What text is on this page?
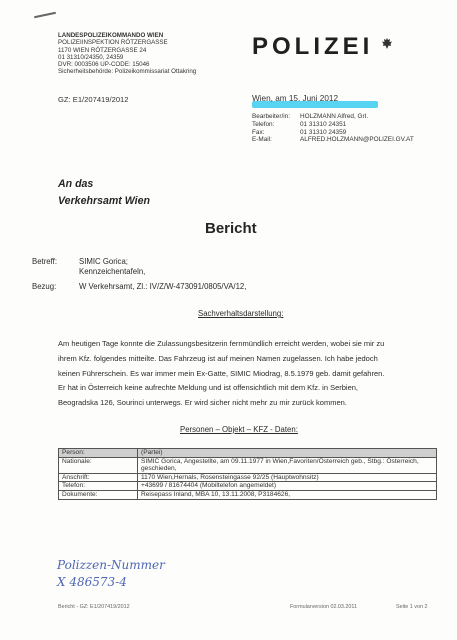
LANDESPOLIZEIKOMMANDO WIEN
POLIZEIINSPEKTION RÖTZERGASSE
1170 WIEN RÖTZERGASSE 24
01 31310/24350, 24359
DVR: 0003506 UP-CODE: 15046
Sicherheitsbehörde: Polizeikommissariat Ottakring
POLIZEI
GZ: E1/207419/2012	Wien, am 15. Juni 2012
Bearbeiter/in: HOLZMANN Alfred, GrI.
Telefon:	01 31310 24351
Fax:	01 31310 24359
E-Mail:	ALFRED.HOLZMANN@POLIZEI.GV.AT
An das
Verkehrsamt Wien
Bericht
Betreff:	SIMIC Gorica;
Kennzeichentafeln,
Bezug:	W Verkehrsamt, Zl.: IV/Z/W-473091/0805/VA/12,
Sachverhaltsdarstellung:

Am heutigen Tage konnte die Zulassungsbesitzerin fernmündlich erreicht werden, wobei sie mir zu

ihrem Kfz. folgendes mitteilte. Das Fahrzeug ist auf meinen Namen zugelassen. Ich habe jedoch

keinen Führerschein. Es war immer mein Ex-Gatte, SIMIC Miodrag, 8.5.1979 geb. damit gefahren.

Er hat in Österreich keine aufrechte Meldung und ist offensichtlich mit dem Kfz. in Serbien,

Beogradska 126, Sourinci unterwegs. Er wird sicher nicht mehr zu mir zurück kommen.

Personen – Objekt – KFZ - Daten:
Person:	(Partei)
Nationale:	SIMIC Gorica, Angestellte, am 09.11.1977 in Wien,Favoriten/Österreich geb., Stbg.: Österreich, geschieden,
Anschrift:	1170 Wien,Hernals, Rosensteingasse 92/25 (Hauptwohnsitz)
Telefon:	+43699 / 81674404 (Mobiltelefon angemeldet)
Dokumente:	Reisepass Inland, MBA 10, 13.11.2008, P3184626,
Polizzen-Nummer
X 486573-4
Bericht - GZ: E1/207419/2012	Formularversion 02.03.2011	Seite 1 von 2
